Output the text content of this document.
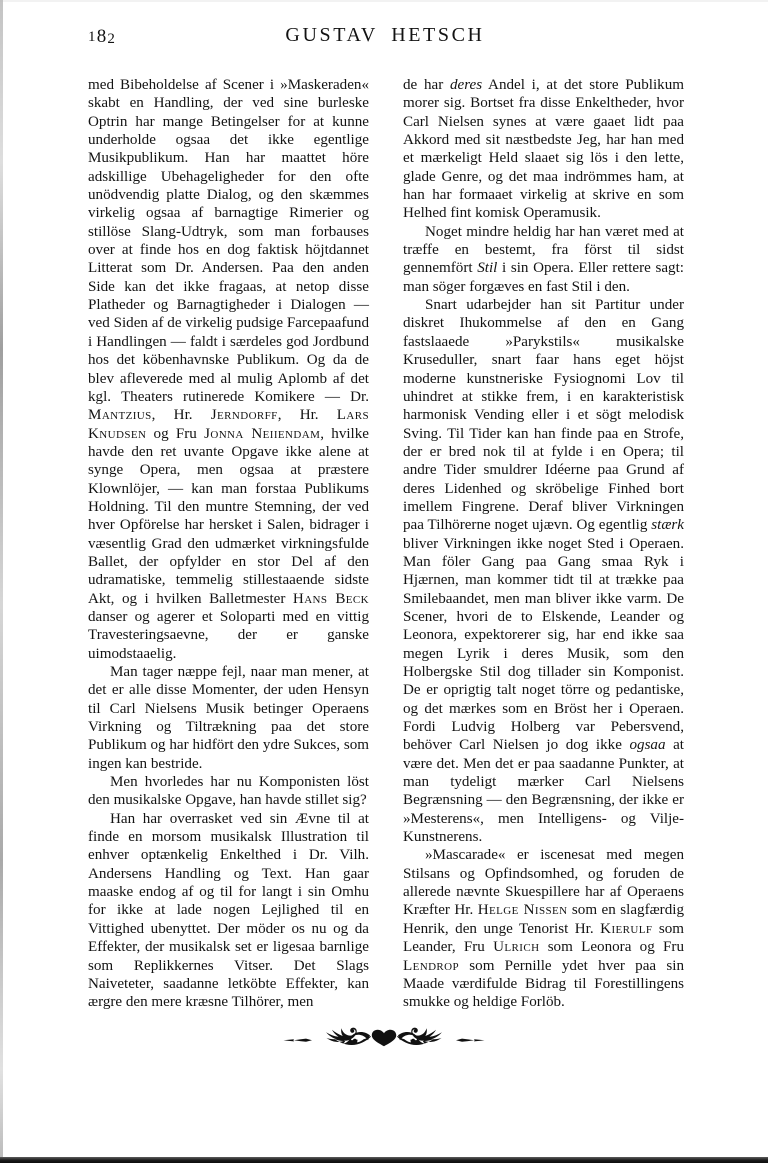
182	GUSTAV HETSCH

med Bibeholdelse af Scener i »Maskeraden« skabt en Handling, der ved sine burleske Optrin har mange Betingelser for at kunne underholde ogsaa det ikke egentlige Musikpublikum. Han har maattet höre adskillige Ubehageligheder for den ofte unödvendig platte Dialog, og den skæmmes virkelig ogsaa af barnagtige Rimerier og stillöse Slang-Udtryk, som man forbauses over at finde hos en dog faktisk höjtdannet Litterat som Dr. Andersen. Paa den anden Side kan det ikke fragaas, at netop disse Platheder og Barnagtigheder i Dialogen — ved Siden af de virkelig pudsige Farcepaafund i Handlingen — faldt i særdeles god Jordbund hos det köbenhavnske Publikum. Og da de blev afleverede med al mulig Aplomb af det kgl. Theaters rutinerede Komikere — Dr. Mantzius, Hr. Jerndorff, Hr. Lars Knudsen og Fru Jonna Neiiendam, hvilke havde den ret uvante Opgave ikke alene at synge Opera, men ogsaa at præstere Klownlöjer, — kan man forstaa Publikums Holdning. Til den muntre Stemning, der ved hver Opförelse har hersket i Salen, bidrager i væsentlig Grad den udmærket virkningsfulde Ballet, der opfylder en stor Del af den udramatiske, temmelig stillestaaende sidste Akt, og i hvilken Balletmester Hans Beck danser og agerer et Soloparti med en vittig Travesteringsaevne, der er ganske uimodstaaelig.

Man tager næppe fejl, naar man mener, at det er alle disse Momenter, der uden Hensyn til Carl Nielsens Musik betinger Operaens Virkning og Tiltrækning paa det store Publikum og har hidfört den ydre Sukces, som ingen kan bestride.

Men hvorledes har nu Komponisten löst den musikalske Opgave, han havde stillet sig?

Han har overrasket ved sin Ævne til at finde en morsom musikalsk Illustration til enhver optænkelig Enkelthed i Dr. Vilh. Andersens Handling og Text. Han gaar maaske endog af og til for langt i sin Omhu for ikke at lade nogen Lejlighed til en Vittighed ubenyttet. Der möder os nu og da Effekter, der musikalsk set er ligesaa barnlige som Replikkernes Vitser. Det Slags Naiveteter, saadanne letköbte Effekter, kan ærgre den mere kræsne Tilhörer, men

de har deres Andel i, at det store Publikum morer sig. Bortset fra disse Enkeltheder, hvor Carl Nielsen synes at være gaaet lidt paa Akkord med sit næstbedste Jeg, har han med et mærkeligt Held slaaet sig lös i den lette, glade Genre, og det maa indrömmes ham, at han har formaaet virkelig at skrive en som Helhed fint komisk Operamusik.

Noget mindre heldig har han været med at træffe en bestemt, fra först til sidst gennemfört Stil i sin Opera. Eller rettere sagt: man söger forgæves en fast Stil i den.

Snart udarbejder han sit Partitur under diskret Ihukommelse af den en Gang fastslaaede »Parykstils« musikalske Kruseduller, snart faar hans eget höjst moderne kunstneriske Fysiognomi Lov til uhindret at stikke frem, i en karakteristisk harmonisk Vending eller i et sögt melodisk Sving. Til Tider kan han finde paa en Strofe, der er bred nok til at fylde i en Opera; til andre Tider smuldrer Idéerne paa Grund af deres Lidenhed og skröbelige Finhed bort imellem Fingrene. Deraf bliver Virkningen paa Tilhörerne noget ujævn. Og egentlig stærk bliver Virkningen ikke noget Sted i Operaen. Man föler Gang paa Gang smaa Ryk i Hjærnen, man kommer tidt til at trække paa Smilebaandet, men man bliver ikke varm. De Scener, hvori de to Elskende, Leander og Leonora, expektorerer sig, har end ikke saa megen Lyrik i deres Musik, som den Holbergske Stil dog tillader sin Komponist. De er oprigtig talt noget törre og pedantiske, og det mærkes som en Bröst her i Operaen. Fordi Ludvig Holberg var Pebersvend, behöver Carl Nielsen jo dog ikke ogsaa at være det. Men det er paa saadanne Punkter, at man tydeligt mærker Carl Nielsens Begrænsning — den Begrænsning, der ikke er »Mesterens«, men Intelligens- og Vilje-Kunstnerens.

»Mascarade« er iscenesat med megen Stilsans og Opfindsomhed, og foruden de allerede nævnte Skuespillere har af Operaens Kræfter Hr. Helge Nissen som en slagfærdig Henrik, den unge Tenorist Hr. Kierulf som Leander, Fru Ulrich som Leonora og Fru Lendrop som Pernille ydet hver paa sin Maade værdifulde Bidrag til Forestillingens smukke og heldige Forlöb.
